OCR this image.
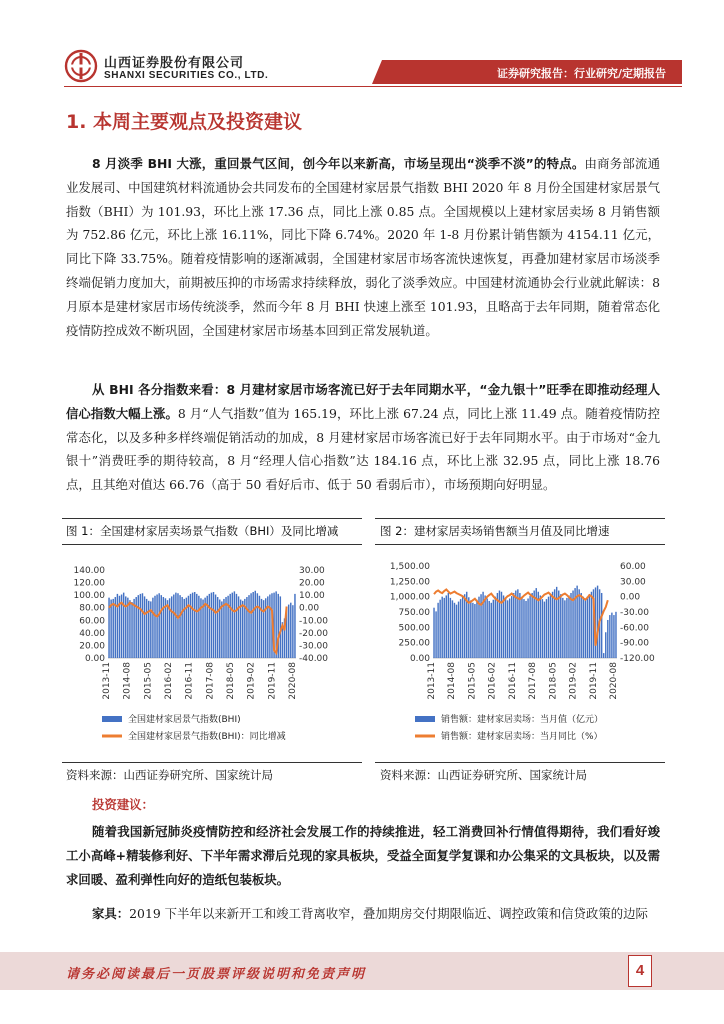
山西证券股份有限公司
SHANXI SECURITIES CO., LTD.	证券研究报告：行业研究/定期报告
1. 本周主要观点及投资建议
8 月淡季 BHI 大涨，重回景气区间，创今年以来新高，市场呈现出“淡季不淡”的特点。由商务部流通业发展司、中国建筑材料流通协会共同发布的全国建材家居景气指数 BHI 2020 年 8 月份全国建材家居景气指数（BHI）为 101.93，环比上涨 17.36 点，同比上涨 0.85 点。全国规模以上建材家居卖场 8 月销售额为 752.86 亿元，环比上涨 16.11%，同比下降 6.74%。2020 年 1-8 月份累计销售额为 4154.11 亿元，同比下降 33.75%。随着疫情影响的逐渐减弱，全国建材家居市场客流快速恢复，再叠加建材家居市场淡季终端促销力度加大，前期被压抑的市场需求持续释放，弱化了淡季效应。中国建材流通协会行业就此解读：8 月原本是建材家居市场传统淡季，然而今年 8 月 BHI 快速上涨至 101.93，且略高于去年同期，随着常态化疫情防控成效不断巩固，全国建材家居市场基本回到正常发展轨道。
从 BHI 各分指数来看：8 月建材家居市场客流已好于去年同期水平，“金九银十”旺季在即推动经理人信心指数大幅上涨。8 月“人气指数”值为 165.19，环比上涨 67.24 点，同比上涨 11.49 点。随着疫情防控常态化，以及多种多样终端促销活动的加成，8 月建材家居市场客流已好于去年同期水平。由于市场对“金九银十”消费旺季的期待较高，8 月“经理人信心指数”达 184.16 点，环比上涨 32.95 点，同比上涨 18.76 点，且其绝对值达 66.76（高于 50 看好后市、低于 50 看弱后市），市场预期向好明显。
图 1：全国建材家居卖场景气指数（BHI）及同比增减	图 2：建材家居卖场销售额当月值及同比增速
140.00
120.00
100.00
80.00
60.00
40.00
20.00
0.00
30.00
20.00
10.00
0.00
-10.00
-20.00
-30.00
-40.00
2013-11 2014-08 2015-05 2016-02 2016-11 2017-08 2018-05 2019-02 2019-11 2020-08
全国建材家居景气指数(BHI)
全国建材家居景气指数(BHI)：同比增减
1,500.00
1,250.00
1,000.00
750.00
500.00
250.00
0.00
60.00
30.00
0.00
-30.00
-60.00
-90.00
-120.00
2013-11 2014-08 2015-05 2016-02 2016-11 2017-08 2018-05 2019-02 2019-11 2020-08
销售额：建材家居卖场：当月值（亿元）
销售额：建材家居卖场：当月同比（%）
资料来源：山西证券研究所、国家统计局	资料来源：山西证券研究所、国家统计局
投资建议：
随着我国新冠肺炎疫情防控和经济社会发展工作的持续推进，轻工消费回补行情值得期待，我们看好竣工小高峰+精装修利好、下半年需求滞后兑现的家具板块，受益全面复学复课和办公集采的文具板块，以及需求回暖、盈利弹性向好的造纸包装板块。
家具：2019 下半年以来新开工和竣工背离收窄，叠加期房交付期限临近、调控政策和信贷政策的边际
请务必阅读最后一页股票评级说明和免责声明	4
